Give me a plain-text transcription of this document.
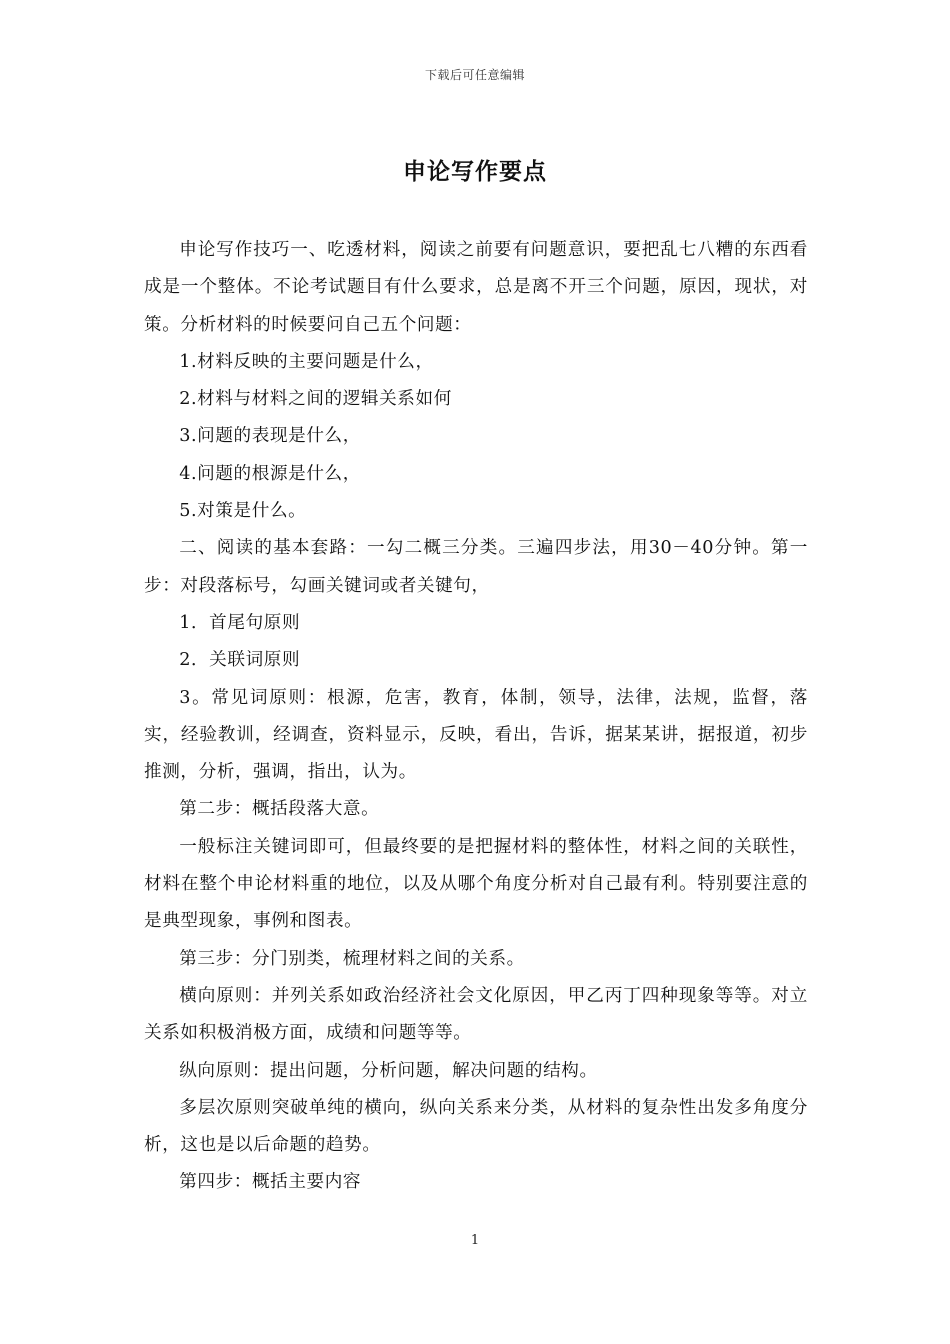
下载后可任意编辑
申论写作要点

申论写作技巧一、吃透材料，阅读之前要有问题意识，要把乱七八糟的东西看成是一个整体。不论考试题目有什么要求，总是离不开三个问题，原因，现状，对策。分析材料的时候要问自己五个问题：

1.材料反映的主要问题是什么，

2.材料与材料之间的逻辑关系如何

3.问题的表现是什么，

4.问题的根源是什么，

5.对策是什么。

二、阅读的基本套路：一勾二概三分类。三遍四步法，用30－40分钟。第一步：对段落标号，勾画关键词或者关键句，

1．首尾句原则

2．关联词原则

3。常见词原则：根源，危害，教育，体制，领导，法律，法规，监督，落实，经验教训，经调查，资料显示，反映，看出，告诉，据某某讲，据报道，初步推测，分析，强调，指出，认为。

第二步：概括段落大意。

一般标注关键词即可，但最终要的是把握材料的整体性，材料之间的关联性，材料在整个申论材料重的地位，以及从哪个角度分析对自己最有利。特别要注意的是典型现象，事例和图表。

第三步：分门别类，梳理材料之间的关系。

横向原则：并列关系如政治经济社会文化原因，甲乙丙丁四种现象等等。对立关系如积极消极方面，成绩和问题等等。

纵向原则：提出问题，分析问题，解决问题的结构。

多层次原则突破单纯的横向，纵向关系来分类，从材料的复杂性出发多角度分析，这也是以后命题的趋势。

第四步：概括主要内容

1
